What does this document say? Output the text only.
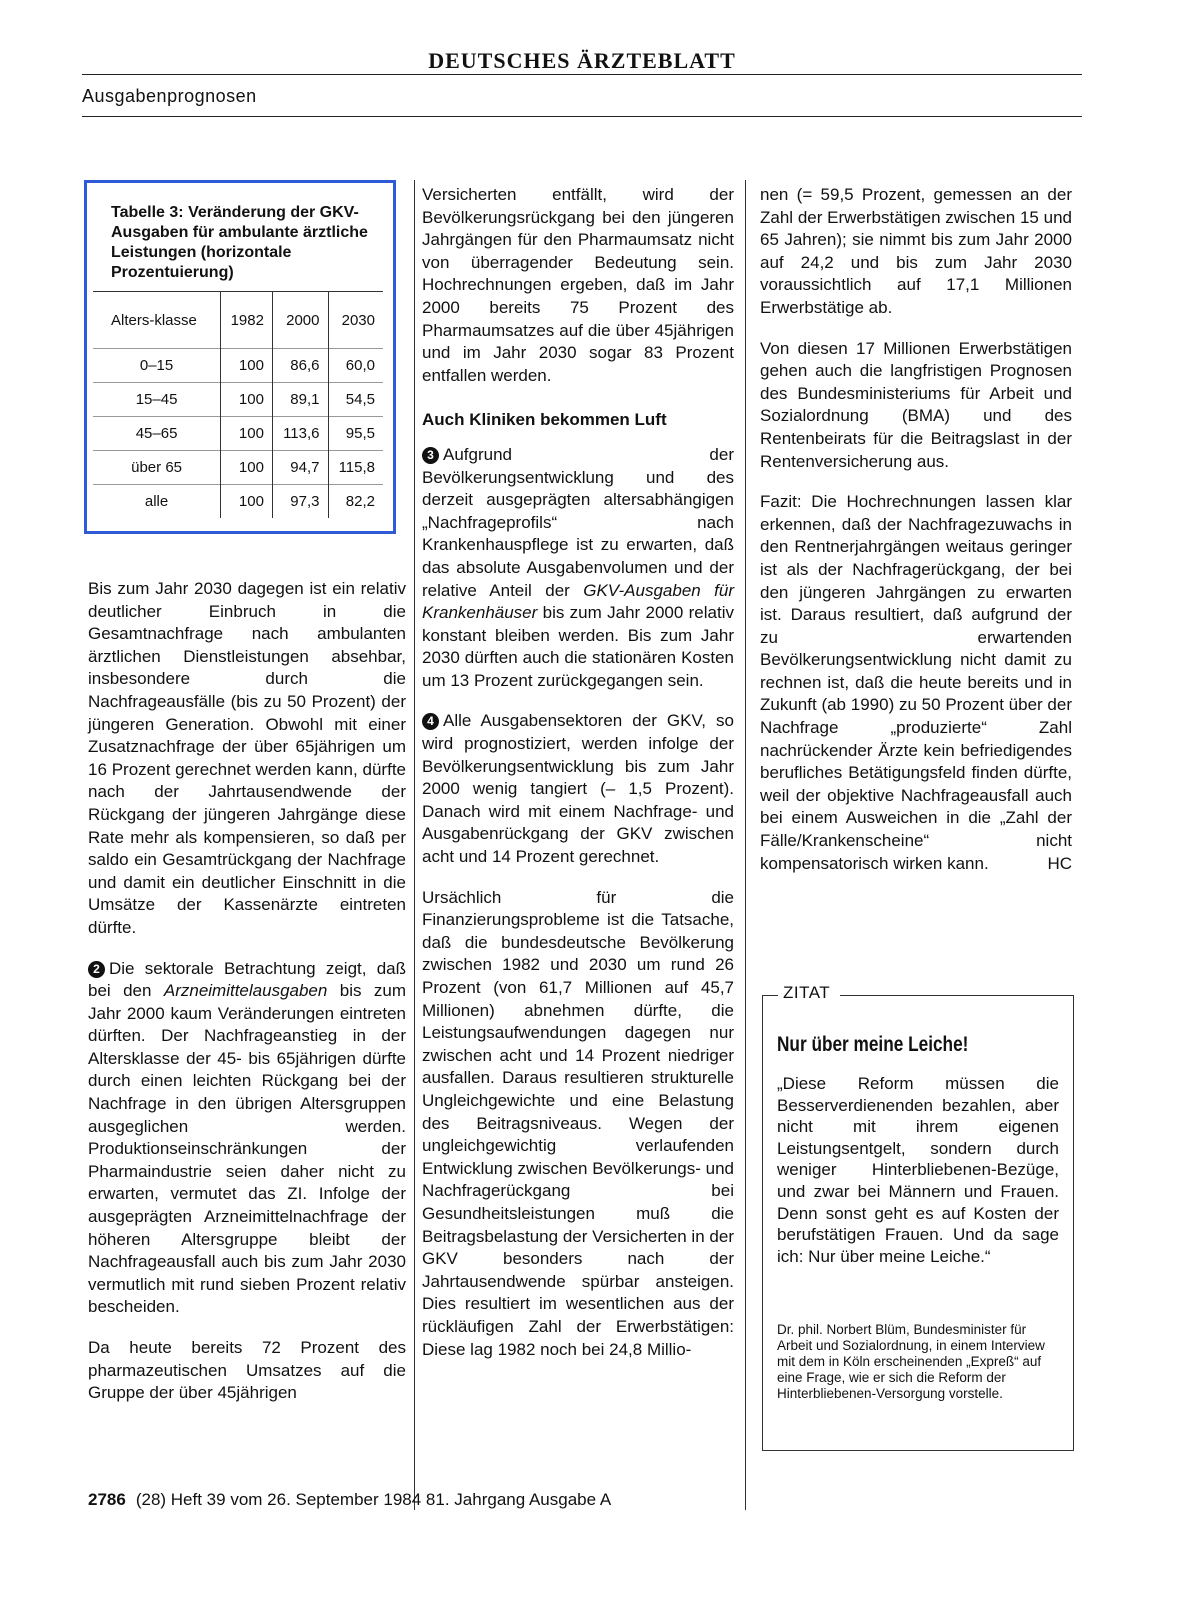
DEUTSCHES ÄRZTEBLATT
Ausgabenprognosen
Tabelle 3: Veränderung der GKV-Ausgaben für ambulante ärztliche Leistungen (horizontale Prozentuierung)
Alters-klasse	1982	2000	2030
0–15	100	86,6	60,0
15–45	100	89,1	54,5
45–65	100	113,6	95,5
über 65	100	94,7	115,8
alle	100	97,3	82,2

Bis zum Jahr 2030 dagegen ist ein relativ deutlicher Einbruch in die Gesamtnachfrage nach ambulanten ärztlichen Dienstleistungen absehbar, insbesondere durch die Nachfrageausfälle (bis zu 50 Prozent) der jüngeren Generation. Obwohl mit einer Zusatznachfrage der über 65jährigen um 16 Prozent gerechnet werden kann, dürfte nach der Jahrtausendwende der Rückgang der jüngeren Jahrgänge diese Rate mehr als kompensieren, so daß per saldo ein Gesamtrückgang der Nachfrage und damit ein deutlicher Einschnitt in die Umsätze der Kassenärzte eintreten dürfte.

2 Die sektorale Betrachtung zeigt, daß bei den Arzneimittelausgaben bis zum Jahr 2000 kaum Veränderungen eintreten dürften. Der Nachfrageanstieg in der Altersklasse der 45- bis 65jährigen dürfte durch einen leichten Rückgang bei der Nachfrage in den übrigen Altersgruppen ausgeglichen werden. Produktionseinschränkungen der Pharmaindustrie seien daher nicht zu erwarten, vermutet das ZI. Infolge der ausgeprägten Arzneimittelnachfrage der höheren Altersgruppe bleibt der Nachfrageausfall auch bis zum Jahr 2030 vermutlich mit rund sieben Prozent relativ bescheiden.

Da heute bereits 72 Prozent des pharmazeutischen Umsatzes auf die Gruppe der über 45jährigen

Versicherten entfällt, wird der Bevölkerungsrückgang bei den jüngeren Jahrgängen für den Pharmaumsatz nicht von überragender Bedeutung sein. Hochrechnungen ergeben, daß im Jahr 2000 bereits 75 Prozent des Pharmaumsatzes auf die über 45jährigen und im Jahr 2030 sogar 83 Prozent entfallen werden.

Auch Kliniken bekommen Luft

3 Aufgrund der Bevölkerungsentwicklung und des derzeit ausgeprägten altersabhängigen „Nachfrageprofils“ nach Krankenhauspflege ist zu erwarten, daß das absolute Ausgabenvolumen und der relative Anteil der GKV-Ausgaben für Krankenhäuser bis zum Jahr 2000 relativ konstant bleiben werden. Bis zum Jahr 2030 dürften auch die stationären Kosten um 13 Prozent zurückgegangen sein.

4 Alle Ausgabensektoren der GKV, so wird prognostiziert, werden infolge der Bevölkerungsentwicklung bis zum Jahr 2000 wenig tangiert (– 1,5 Prozent). Danach wird mit einem Nachfrage- und Ausgabenrückgang der GKV zwischen acht und 14 Prozent gerechnet.

Ursächlich für die Finanzierungsprobleme ist die Tatsache, daß die bundesdeutsche Bevölkerung zwischen 1982 und 2030 um rund 26 Prozent (von 61,7 Millionen auf 45,7 Millionen) abnehmen dürfte, die Leistungsaufwendungen dagegen nur zwischen acht und 14 Prozent niedriger ausfallen. Daraus resultieren strukturelle Ungleichgewichte und eine Belastung des Beitragsniveaus. Wegen der ungleichgewichtig verlaufenden Entwicklung zwischen Bevölkerungs- und Nachfragerückgang bei Gesundheitsleistungen muß die Beitragsbelastung der Versicherten in der GKV besonders nach der Jahrtausendwende spürbar ansteigen. Dies resultiert im wesentlichen aus der rückläufigen Zahl der Erwerbstätigen: Diese lag 1982 noch bei 24,8 Millio-

nen (= 59,5 Prozent, gemessen an der Zahl der Erwerbstätigen zwischen 15 und 65 Jahren); sie nimmt bis zum Jahr 2000 auf 24,2 und bis zum Jahr 2030 voraussichtlich auf 17,1 Millionen Erwerbstätige ab.

Von diesen 17 Millionen Erwerbstätigen gehen auch die langfristigen Prognosen des Bundesministeriums für Arbeit und Sozialordnung (BMA) und des Rentenbeirats für die Beitragslast in der Rentenversicherung aus.

Fazit: Die Hochrechnungen lassen klar erkennen, daß der Nachfragezuwachs in den Rentnerjahrgängen weitaus geringer ist als der Nachfragerückgang, der bei den jüngeren Jahrgängen zu erwarten ist. Daraus resultiert, daß aufgrund der zu erwartenden Bevölkerungsentwicklung nicht damit zu rechnen ist, daß die heute bereits und in Zukunft (ab 1990) zu 50 Prozent über der Nachfrage „produzierte“ Zahl nachrückender Ärzte kein befriedigendes berufliches Betätigungsfeld finden dürfte, weil der objektive Nachfrageausfall auch bei einem Ausweichen in die „Zahl der Fälle/Krankenscheine“ nicht kompensatorisch wirken kann.	HC

ZITAT
Nur über meine Leiche!
„Diese Reform müssen die Besserverdienenden bezahlen, aber nicht mit ihrem eigenen Leistungsentgelt, sondern durch weniger Hinterbliebenen-Bezüge, und zwar bei Männern und Frauen. Denn sonst geht es auf Kosten der berufstätigen Frauen. Und da sage ich: Nur über meine Leiche.“
Dr. phil. Norbert Blüm, Bundesminister für Arbeit und Sozialordnung, in einem Interview mit dem in Köln erscheinenden „Expreß“ auf eine Frage, wie er sich die Reform der Hinterbliebenen-Versorgung vorstelle.
2786 (28) Heft 39 vom 26. September 1984 81. Jahrgang Ausgabe A
